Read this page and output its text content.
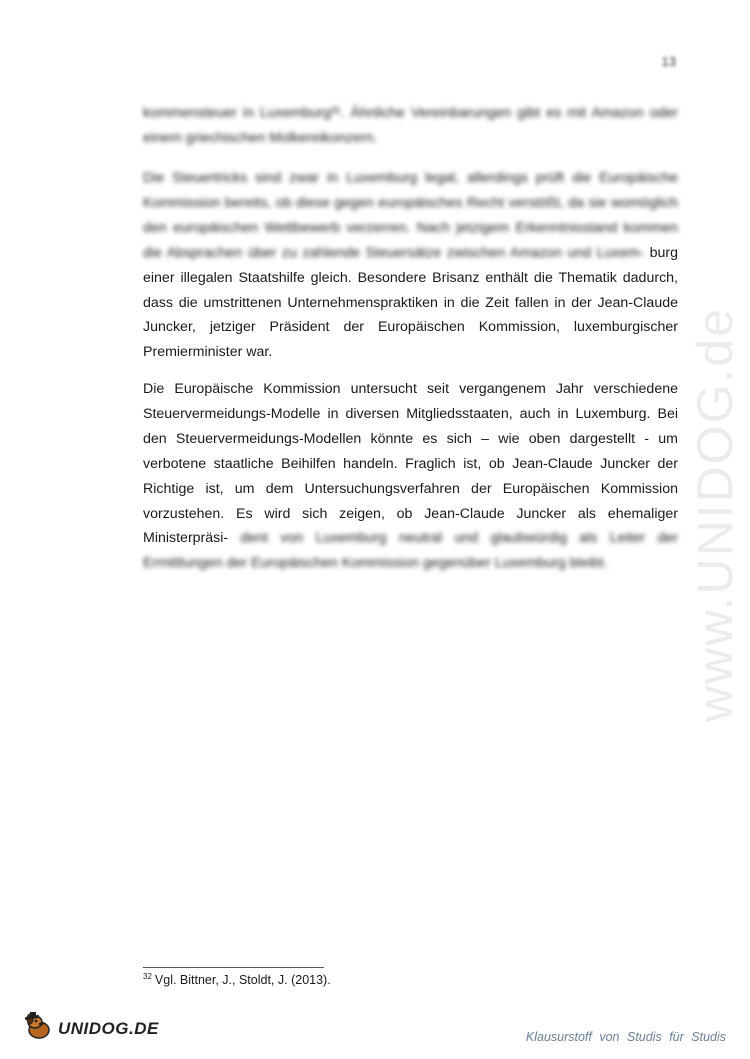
13
www.UNIDOG.de

kommensteuer in Luxemburg³¹. Ähnliche Vereinbarungen gibt es mit Amazon oder einem griechischen Molkereikonzern.

Die Steuertricks sind zwar in Luxemburg legal, allerdings prüft die Europäische Kommission bereits, ob diese gegen europäisches Recht verstößt, da sie womöglich den europäischen Wettbewerb verzerren. Nach jetzigem Erkenntnisstand kommen die Absprachen über zu zahlende Steuersätze zwischen Amazon und Luxem- burg einer illegalen Staatshilfe gleich. Besondere Brisanz enthält die Thematik dadurch, dass die umstrittenen Unternehmenspraktiken in die Zeit fallen in der Jean-Claude Juncker, jetziger Präsident der Europäischen Kommission, luxemburgischer Premierminister war.

Die Europäische Kommission untersucht seit vergangenem Jahr verschiedene Steuervermeidungs-Modelle in diversen Mitgliedsstaaten, auch in Luxemburg. Bei den Steuervermeidungs-Modellen könnte es sich – wie oben dargestellt - um verbotene staatliche Beihilfen handeln. Fraglich ist, ob Jean-Claude Juncker der Richtige ist, um dem Untersuchungsverfahren der Europäischen Kommission vorzustehen. Es wird sich zeigen, ob Jean-Claude Juncker als ehemaliger Ministerpräsi- dent von Luxemburg neutral und glaubwürdig als Leiter der Ermittlungen der Europäischen Kommission gegenüber Luxemburg bleibt.

$^{32}$ Vgl. Bittner, J., Stoldt, J. (2013).
UNIDOG.DE	Klausurstoff von Studis für Studis
